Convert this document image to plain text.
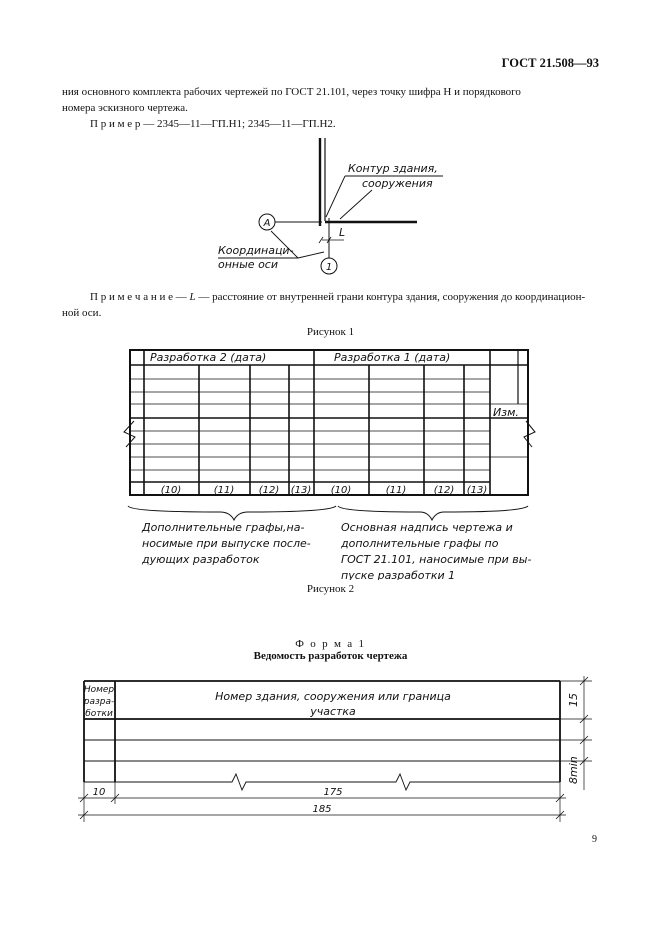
ГОСТ 21.508—93
ния основного комплекта рабочих чертежей по ГОСТ 21.101, через точку шифра Н и порядкового
номера эскизного чертежа.
П р и м е р — 2345—11—ГП.Н1; 2345—11—ГП.Н2.
Контур здания,
сооружения
A
1
L
Координаци-
онные оси
П р и м е ч а н и е — L — расстояние от внутренней грани контура здания, сооружения до координацион-
ной оси.
Рисунок 1
Разработка 2 (дата)	Разработка 1 (дата)
Изм.
(10)	(11) (12) (13) (10)	(11)	(12) (13)
Дополнительные графы,на-
носимые при выпуске после-
дующих разработок
Основная надпись чертежа и
дополнительные графы по
ГОСТ 21.101, наносимые при вы-
пуске разработки 1
Рисунок 2
Ф о р м а 1
Ведомость разработок чертежа
Номер
разра-
ботки
Номер здания, сооружения или граница
участка
15
8min
10	175
185
9
